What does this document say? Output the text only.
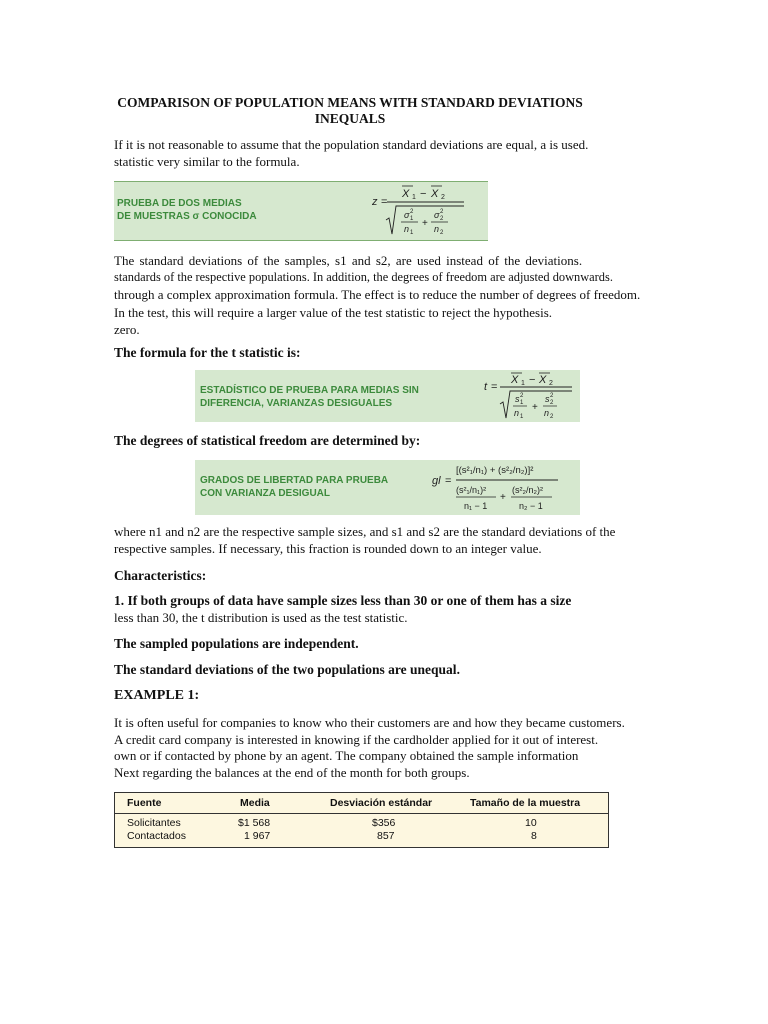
COMPARISON OF POPULATION MEANS WITH STANDARD DEVIATIONS
INEQUALS
If it is not reasonable to assume that the population standard deviations are equal, a is used.
statistic very similar to the formula.
PRUEBA DE DOS MEDIAS
DE MUESTRAS σ CONOCIDA
z =
X 1 − X 2
σ 2
1
n 1
+
σ 2
2
n 2
The standard deviations of the samples, s1 and s2, are used instead of the deviations.
standards of the respective populations. In addition, the degrees of freedom are adjusted downwards.
through a complex approximation formula. The effect is to reduce the number of degrees of freedom.
In the test, this will require a larger value of the test statistic to reject the hypothesis.
zero.
The formula for the t statistic is:
ESTADÍSTICO DE PRUEBA PARA MEDIAS SIN
DIFERENCIA, VARIANZAS DESIGUALES
t =
X 1 − X 2
s 2
1
n 1
+
s 2
2
n 2
The degrees of statistical freedom are determined by:
GRADOS DE LIBERTAD PARA PRUEBA
CON VARIANZA DESIGUAL
gl =
[(s²₁/n₁) + (s²₂/n₂)]²
(s²₁/n₁)²
n₁ − 1
+
(s²₂/n₂)²
n₂ − 1
where n1 and n2 are the respective sample sizes, and s1 and s2 are the standard deviations of the
respective samples. If necessary, this fraction is rounded down to an integer value.
Characteristics:
1. If both groups of data have sample sizes less than 30 or one of them has a size
less than 30, the t distribution is used as the test statistic.
The sampled populations are independent.
The standard deviations of the two populations are unequal.
EXAMPLE 1:
It is often useful for companies to know who their customers are and how they became customers.
A credit card company is interested in knowing if the cardholder applied for it out of interest.
own or if contacted by phone by an agent. The company obtained the sample information
Next regarding the balances at the end of the month for both groups.
Fuente	Media	Desviación estándar	Tamaño de la muestra
Solicitantes	$1 568	$356	10
Contactados	1 967	857	8
